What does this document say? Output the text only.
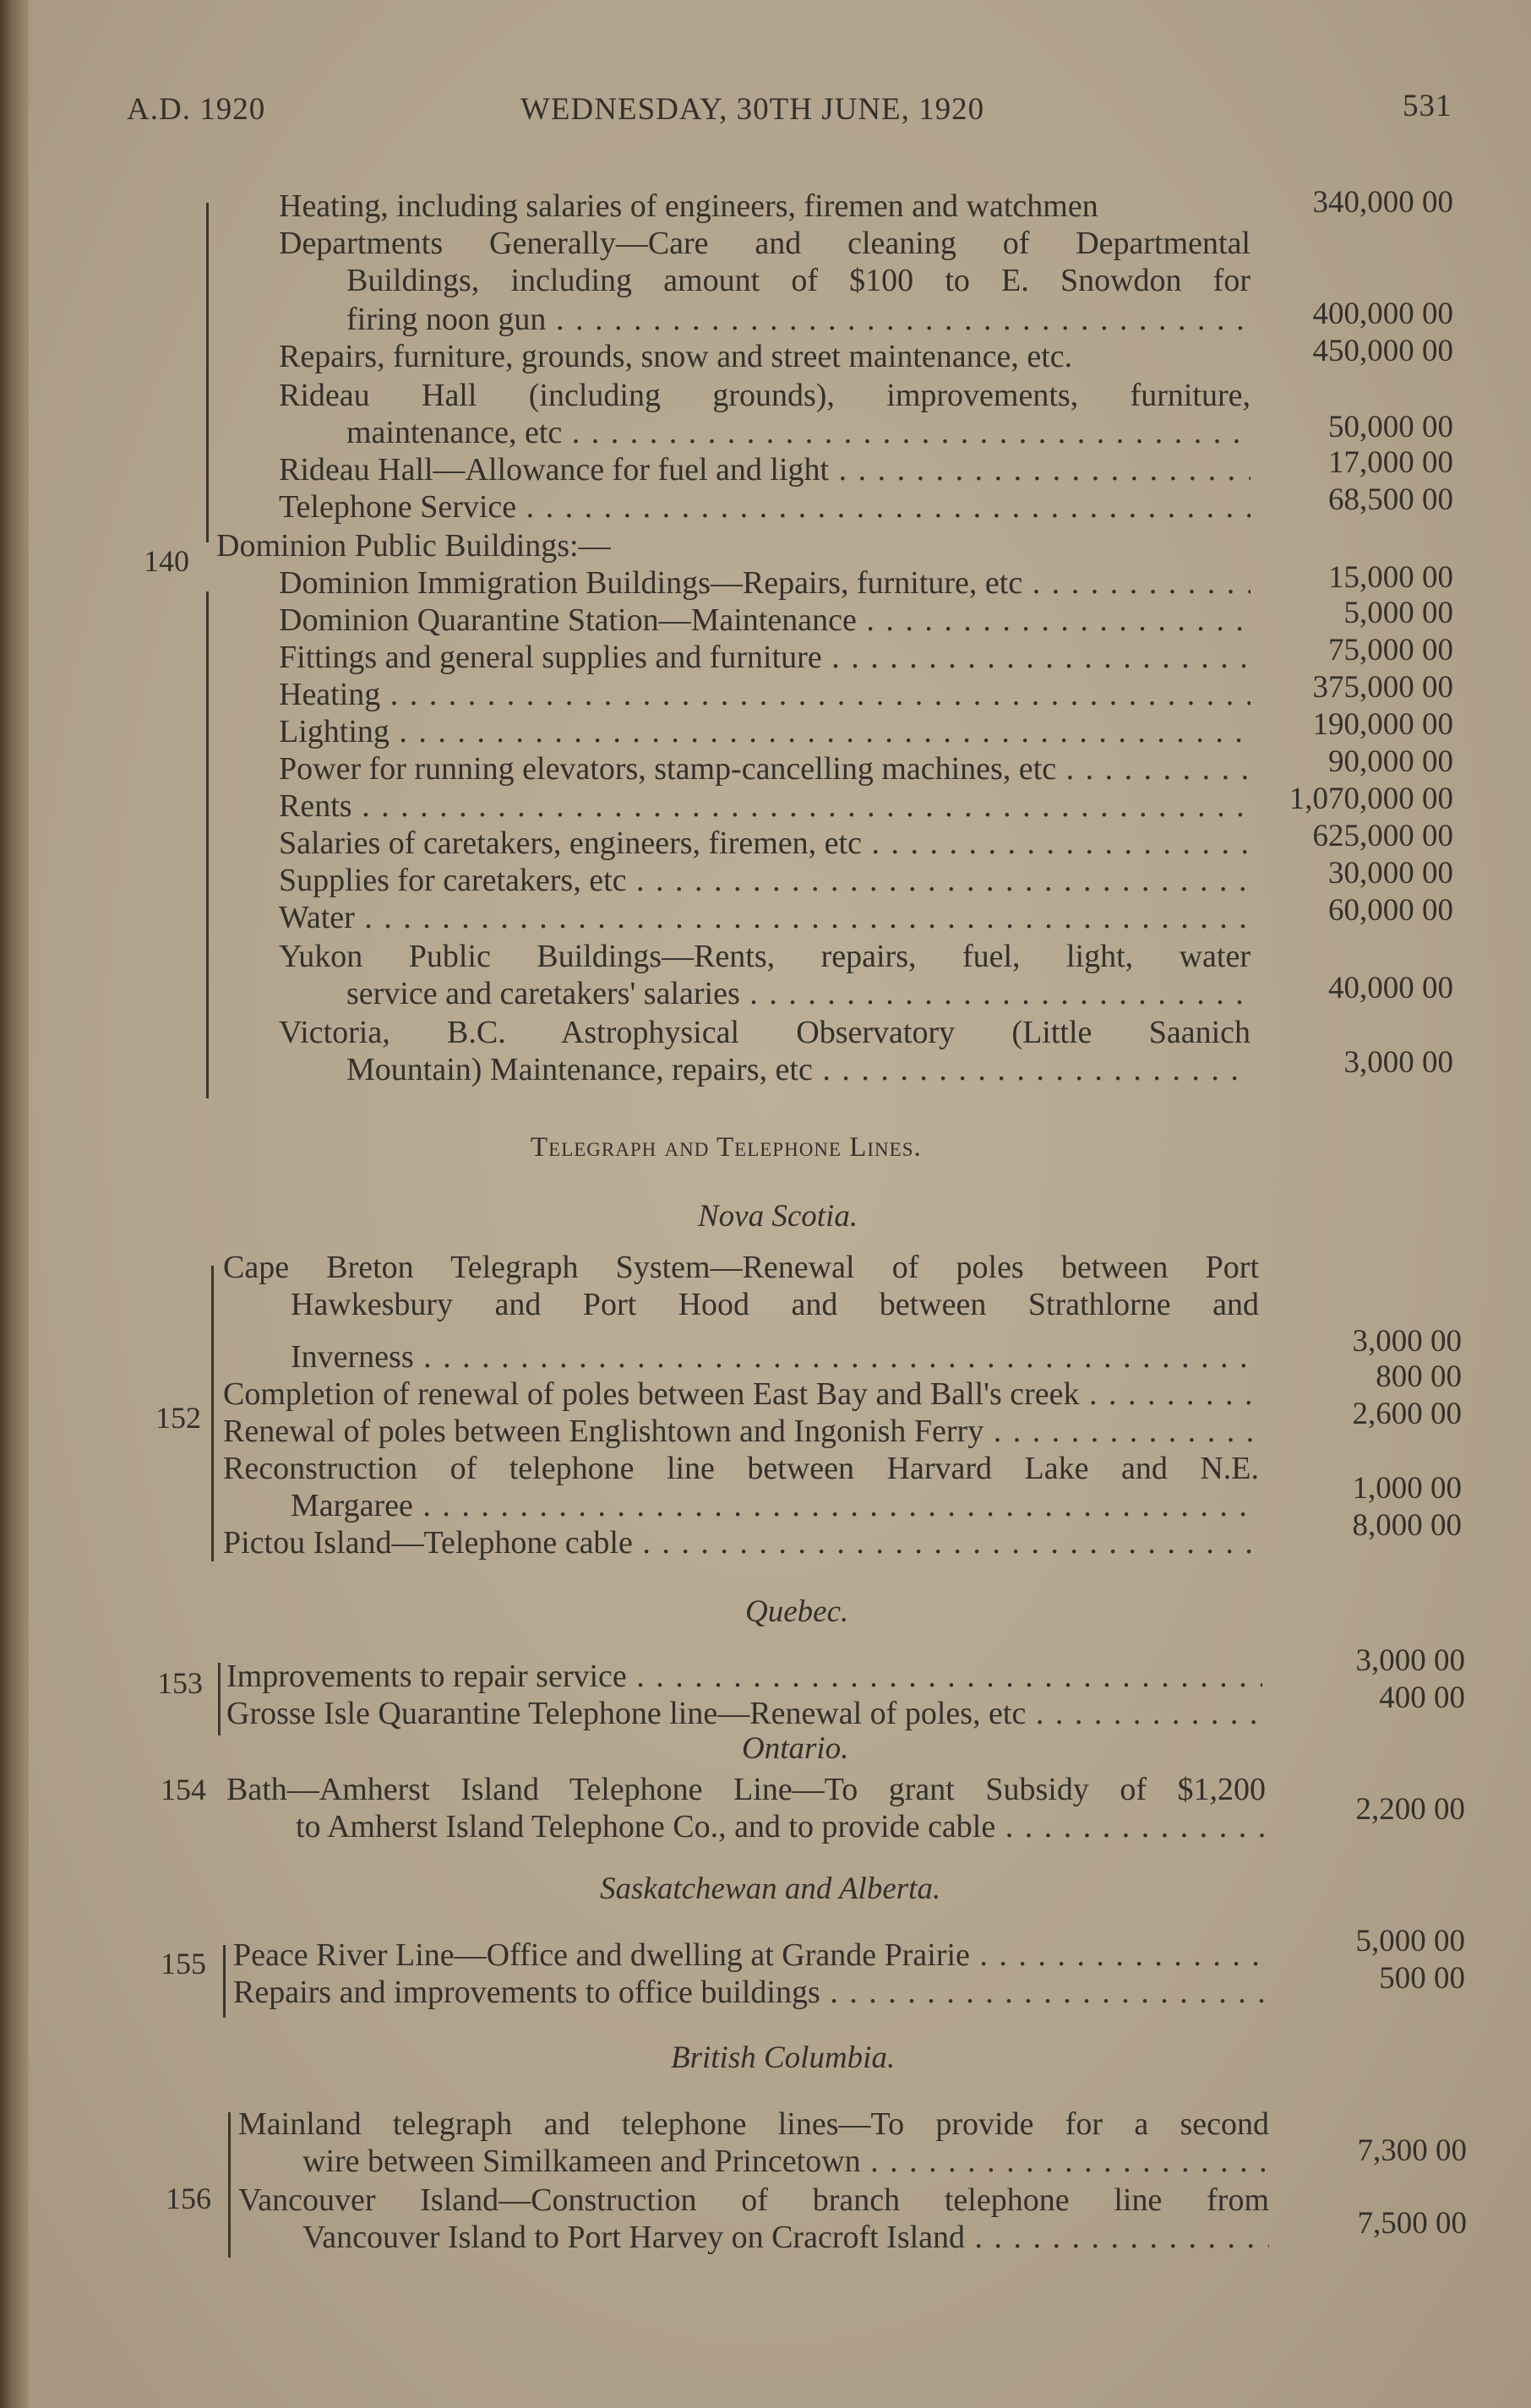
A.D. 1920	WEDNESDAY, 30TH JUNE, 1920	531
140
Heating, including salaries of engineers, firemen and watchmen	340,000 00
Departments Generally—Care and cleaning of Departmental
Buildings, including amount of $100 to E. Snowdon for
firing noon gun . . .	400,000 00
Repairs, furniture, grounds, snow and street maintenance, etc.	450,000 00
Rideau Hall (including grounds), improvements, furniture,
maintenance, etc . . .	50,000 00
Rideau Hall—Allowance for fuel and light . . .	17,000 00
Telephone Service . . .	68,500 00
Dominion Public Buildings:—
Dominion Immigration Buildings—Repairs, furniture, etc . . .	15,000 00
Dominion Quarantine Station—Maintenance . . .	5,000 00
Fittings and general supplies and furniture . . .	75,000 00
Heating . . .	375,000 00
Lighting . . .	190,000 00
Power for running elevators, stamp-cancelling machines, etc . . .	90,000 00
Rents . . .	1,070,000 00
Salaries of caretakers, engineers, firemen, etc . . .	625,000 00
Supplies for caretakers, etc . . .	30,000 00
Water . . .	60,000 00
Yukon Public Buildings—Rents, repairs, fuel, light, water
service and caretakers' salaries . . .	40,000 00
Victoria, B.C. Astrophysical Observatory (Little Saanich
Mountain) Maintenance, repairs, etc . . .	3,000 00
Telegraph and Telephone Lines.
Nova Scotia.
152
Cape Breton Telegraph System—Renewal of poles between Port
Hawkesbury and Port Hood and between Strathlorne and
Inverness . . .	3,000 00
Completion of renewal of poles between East Bay and Ball's creek . . .	800 00
Renewal of poles between Englishtown and Ingonish Ferry . . .	2,600 00
Reconstruction of telephone line between Harvard Lake and N.E.
Margaree . . .	1,000 00
Pictou Island—Telephone cable . . .	8,000 00
Quebec.
153 Improvements to repair service . . .	3,000 00
Grosse Isle Quarantine Telephone line—Renewal of poles, etc . . .	400 00
Ontario.
154 Bath—Amherst Island Telephone Line—To grant Subsidy of $1,200
to Amherst Island Telephone Co., and to provide cable . . .	2,200 00
Saskatchewan and Alberta.
155 Peace River Line—Office and dwelling at Grande Prairie . . .	5,000 00
Repairs and improvements to office buildings . . .	500 00
British Columbia.
156
Mainland telegraph and telephone lines—To provide for a second
wire between Similkameen and Princetown . . .	7,300 00
Vancouver Island—Construction of branch telephone line from
Vancouver Island to Port Harvey on Cracroft Island . . .	7,500 00
